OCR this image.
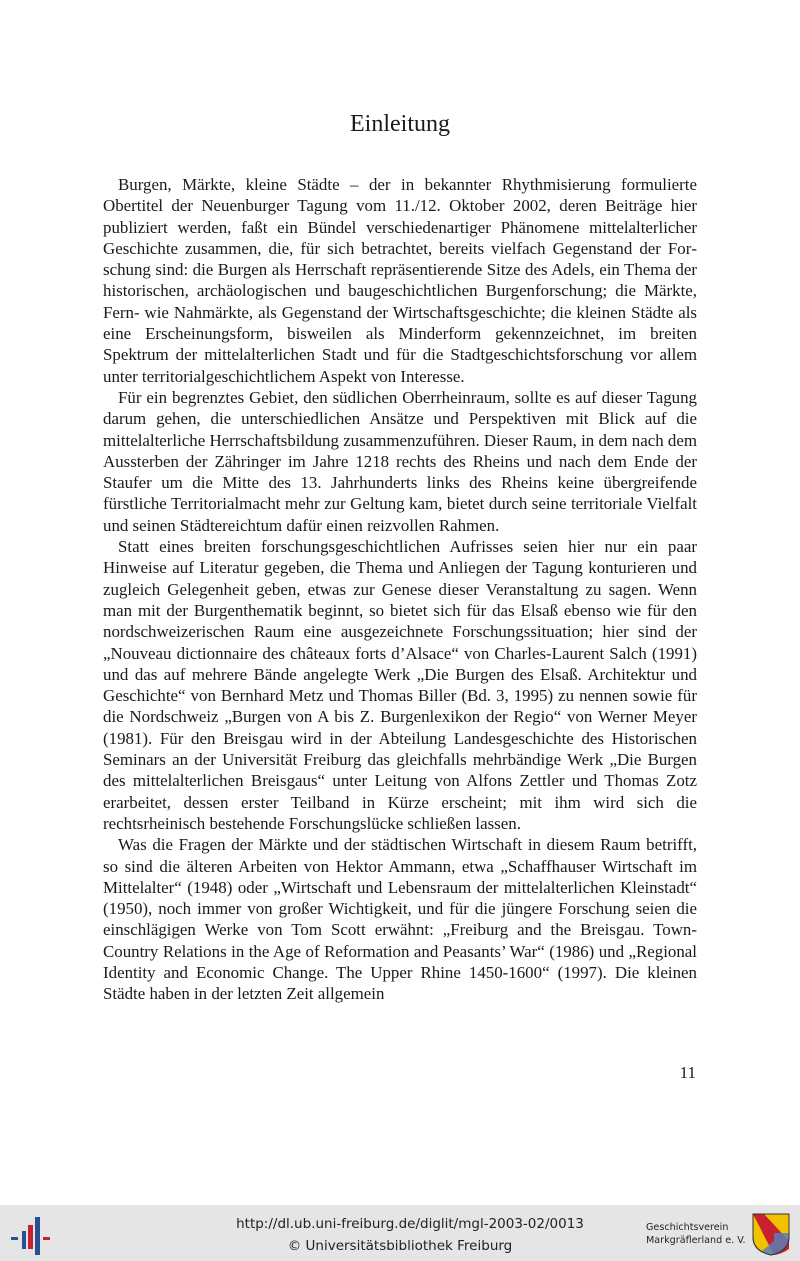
Einleitung

Burgen, Märkte, kleine Städte – der in bekannter Rhythmisierung formulierte Obertitel der Neuenburger Tagung vom 11./12. Oktober 2002, deren Beiträge hier publiziert werden, faßt ein Bündel verschiedenartiger Phänomene mittelalterlicher Geschichte zusammen, die, für sich betrachtet, bereits vielfach Gegenstand der Forschung sind: die Burgen als Herrschaft repräsentierende Sitze des Adels, ein Thema der historischen, archäologischen und baugeschichtlichen Burgenforschung; die Märkte, Fern- wie Nahmärkte, als Gegenstand der Wirtschaftsgeschichte; die kleinen Städte als eine Erscheinungsform, bisweilen als Minderform gekennzeichnet, im breiten Spektrum der mittelalterlichen Stadt und für die Stadtgeschichtsforschung vor allem unter territorialgeschichtlichem Aspekt von Interesse.

Für ein begrenztes Gebiet, den südlichen Oberrheinraum, sollte es auf dieser Tagung darum gehen, die unterschiedlichen Ansätze und Perspektiven mit Blick auf die mittelalterliche Herrschaftsbildung zusammenzuführen. Dieser Raum, in dem nach dem Aussterben der Zähringer im Jahre 1218 rechts des Rheins und nach dem Ende der Staufer um die Mitte des 13. Jahrhunderts links des Rheins keine übergreifende fürstliche Territorialmacht mehr zur Geltung kam, bietet durch seine territoriale Vielfalt und seinen Städtereichtum dafür einen reizvollen Rahmen.

Statt eines breiten forschungsgeschichtlichen Aufrisses seien hier nur ein paar Hinweise auf Literatur gegeben, die Thema und Anliegen der Tagung konturieren und zugleich Gelegenheit geben, etwas zur Genese dieser Veranstaltung zu sagen. Wenn man mit der Burgenthematik beginnt, so bietet sich für das Elsaß ebenso wie für den nordschweizerischen Raum eine ausgezeichnete Forschungssituation; hier sind der „Nouveau dictionnaire des châteaux forts d’Alsace“ von Charles-Laurent Salch (1991) und das auf mehrere Bände angelegte Werk „Die Burgen des Elsaß. Architektur und Geschichte“ von Bernhard Metz und Thomas Biller (Bd. 3, 1995) zu nennen sowie für die Nordschweiz „Burgen von A bis Z. Burgenlexikon der Regio“ von Werner Meyer (1981). Für den Breisgau wird in der Abteilung Landesgeschichte des Historischen Seminars an der Universität Freiburg das gleichfalls mehrbändige Werk „Die Burgen des mittelalterlichen Breisgaus“ unter Leitung von Alfons Zettler und Thomas Zotz erarbeitet, dessen erster Teilband in Kürze erscheint; mit ihm wird sich die rechtsrheinisch bestehende Forschungslücke schließen lassen.

Was die Fragen der Märkte und der städtischen Wirtschaft in diesem Raum betrifft, so sind die älteren Arbeiten von Hektor Ammann, etwa „Schaffhauser Wirtschaft im Mittelalter“ (1948) oder „Wirtschaft und Lebensraum der mittelalterlichen Kleinstadt“ (1950), noch immer von großer Wichtigkeit, und für die jüngere Forschung seien die einschlägigen Werke von Tom Scott erwähnt: „Freiburg and the Breisgau. Town-Country Relations in the Age of Reformation and Peasants’ War“ (1986) und „Regional Identity and Economic Change. The Upper Rhine 1450-1600“ (1997). Die kleinen Städte haben in der letzten Zeit allgemein

11
http://dl.ub.uni-freiburg.de/diglit/mgl-2003-02/0013
© Universitätsbibliothek Freiburg
Geschichtsverein
Markgräflerland e. V.
